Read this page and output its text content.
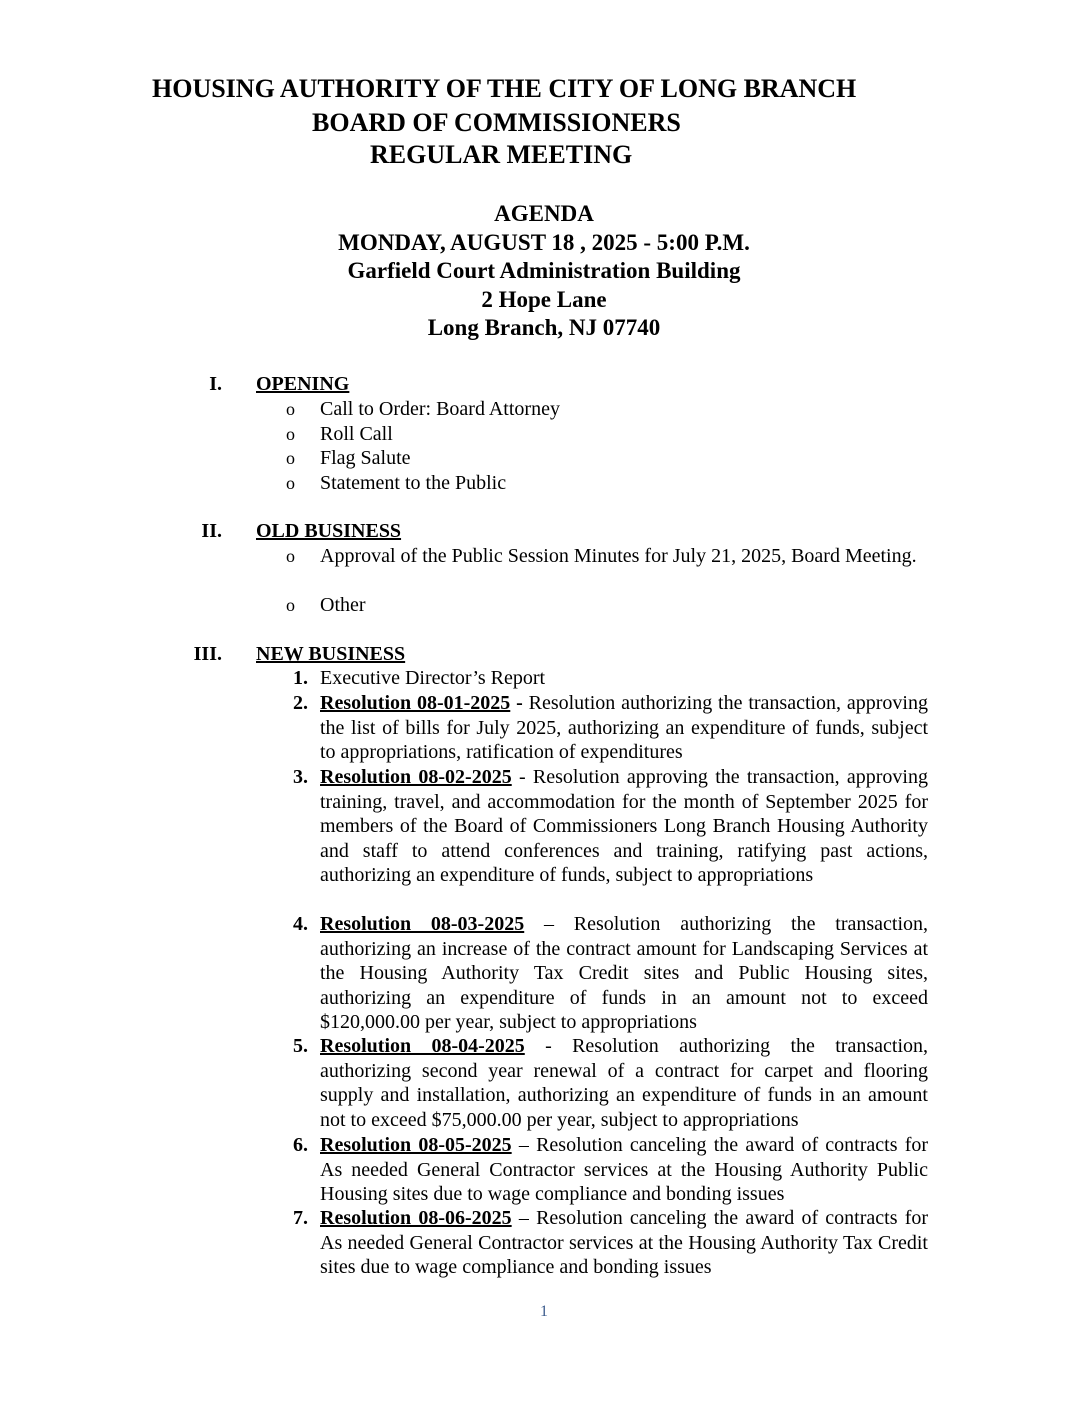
HOUSING AUTHORITY OF THE CITY OF LONG BRANCH
BOARD OF COMMISSIONERS
REGULAR MEETING
AGENDA
MONDAY, AUGUST 18 , 2025 - 5:00 P.M.
Garfield Court Administration Building
2 Hope Lane
Long Branch, NJ 07740
I. OPENING
o	Call to Order: Board Attorney
o	Roll Call
o	Flag Salute
o	Statement to the Public
II. OLD BUSINESS
o	Approval of the Public Session Minutes for July 21, 2025, Board Meeting.
o	Other
III. NEW BUSINESS
1. Executive Director’s Report
2. Resolution 08-01-2025 - Resolution authorizing the transaction, approving the list of bills for July 2025, authorizing an expenditure of funds, subject to appropriations, ratification of expenditures
3. Resolution 08-02-2025 - Resolution approving the transaction, approving training, travel, and accommodation for the month of September 2025 for members of the Board of Commissioners Long Branch Housing Authority and staff to attend conferences and training, ratifying past actions, authorizing an expenditure of funds, subject to appropriations
4. Resolution 08-03-2025 – Resolution authorizing the transaction, authorizing an increase of the contract amount for Landscaping Services at the Housing Authority Tax Credit sites and Public Housing sites, authorizing an expenditure of funds in an amount not to exceed $120,000.00 per year, subject to appropriations
5. Resolution 08-04-2025 - Resolution authorizing the transaction, authorizing second year renewal of a contract for carpet and flooring supply and installation, authorizing an expenditure of funds in an amount not to exceed $75,000.00 per year, subject to appropriations
6. Resolution 08-05-2025 – Resolution canceling the award of contracts for As needed General Contractor services at the Housing Authority Public Housing sites due to wage compliance and bonding issues
7. Resolution 08-06-2025 – Resolution canceling the award of contracts for As needed General Contractor services at the Housing Authority Tax Credit sites due to wage compliance and bonding issues
1
